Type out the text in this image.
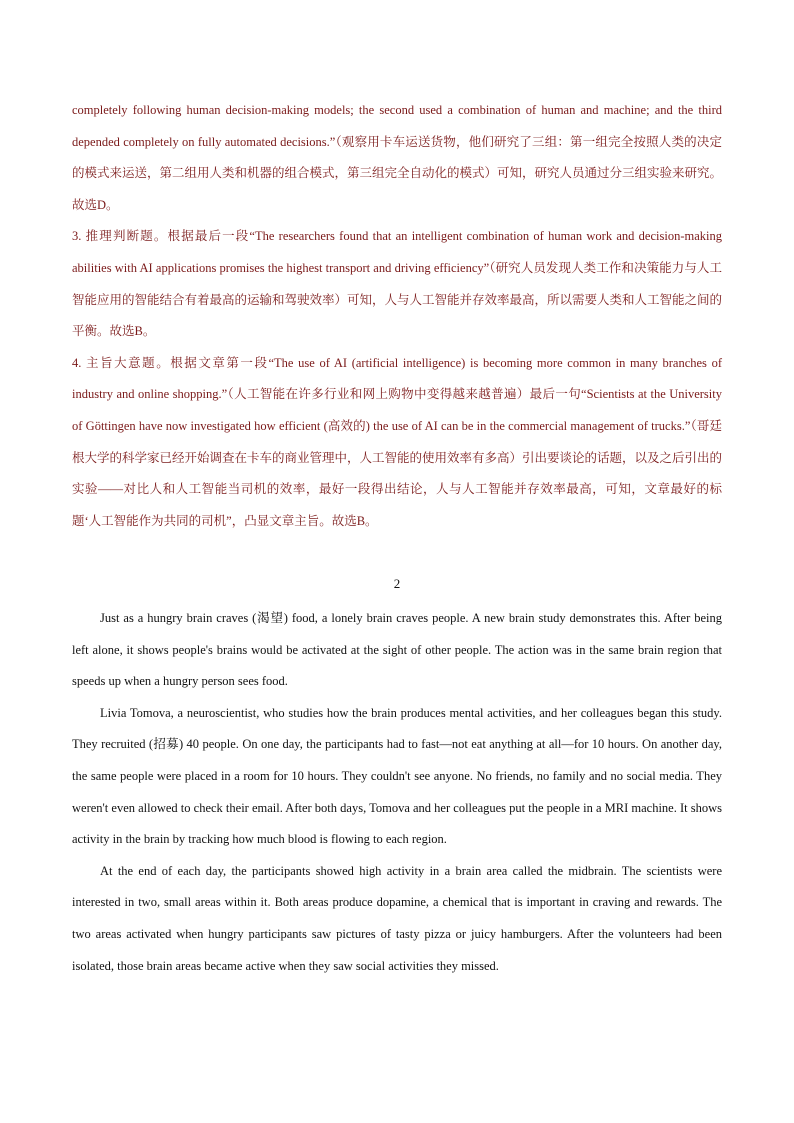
completely following human decision-making models; the second used a combination of human and machine; and the third depended completely on fully automated decisions.”（观察用卡车运送货物，他们研究了三组：第一组完全按照人类的决定的模式来运送，第二组用人类和机器的组合模式，第三组完全自动化的模式）可知，研究人员通过分三组实验来研究。故选D。

3. 推理判断题。根据最后一段“The researchers found that an intelligent combination of human work and decision-making abilities with AI applications promises the highest transport and driving efficiency”（研究人员发现人类工作和决策能力与人工智能应用的智能结合有着最高的运输和驾驶效率）可知，人与人工智能并存效率最高，所以需要人类和人工智能之间的平衡。故选B。

4. 主旨大意题。根据文章第一段“The use of AI (artificial intelligence) is becoming more common in many branches of industry and online shopping.”（人工智能在许多行业和网上购物中变得越来越普遍）最后一句“Scientists at the University of Göttingen have now investigated how efficient (高效的) the use of AI can be in the commercial management of trucks.”（哥廷根大学的科学家已经开始调查在卡车的商业管理中，人工智能的使用效率有多高）引出要谈论的话题，以及之后引出的实验——对比人和人工智能当司机的效率，最好一段得出结论，人与人工智能并存效率最高，可知，文章最好的标题‘人工智能作为共同的司机”，凸显文章主旨。故选B。

2

Just as a hungry brain craves (渴望) food, a lonely brain craves people. A new brain study demonstrates this. After being left alone, it shows people's brains would be activated at the sight of other people. The action was in the same brain region that speeds up when a hungry person sees food.

Livia Tomova, a neuroscientist, who studies how the brain produces mental activities, and her colleagues began this study. They recruited (招募) 40 people. On one day, the participants had to fast—not eat anything at all—for 10 hours. On another day, the same people were placed in a room for 10 hours. They couldn't see anyone. No friends, no family and no social media. They weren't even allowed to check their email. After both days, Tomova and her colleagues put the people in a MRI machine. It shows activity in the brain by tracking how much blood is flowing to each region.

At the end of each day, the participants showed high activity in a brain area called the midbrain. The scientists were interested in two, small areas within it. Both areas produce dopamine, a chemical that is important in craving and rewards. The two areas activated when hungry participants saw pictures of tasty pizza or juicy hamburgers. After the volunteers had been isolated, those brain areas became active when they saw social activities they missed.
